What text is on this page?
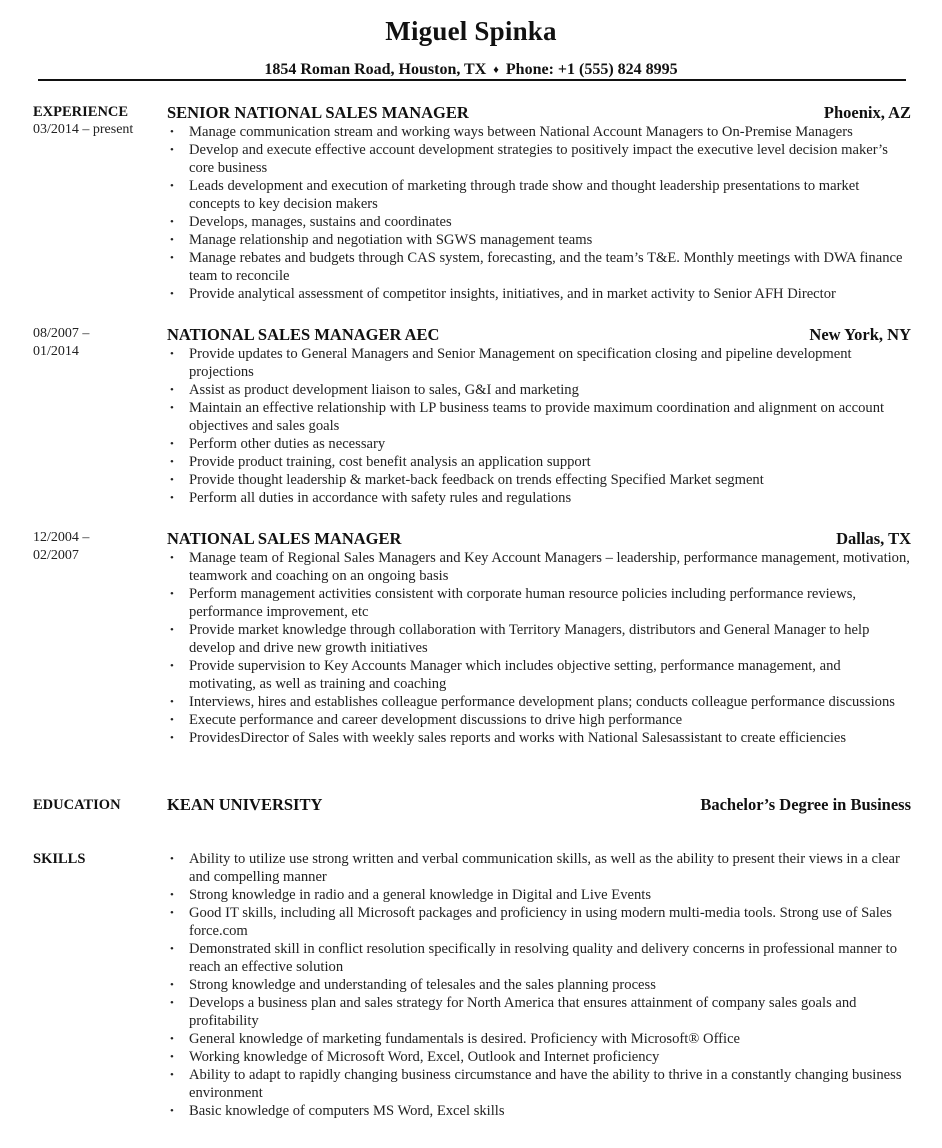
Miguel Spinka
1854 Roman Road, Houston, TX ♦ Phone: +1 (555) 824 8995
EXPERIENCE
03/2014 – present
SENIOR NATIONAL SALES MANAGER	Phoenix, AZ
• Manage communication stream and working ways between National Account Managers to On-Premise Managers
• Develop and execute effective account development strategies to positively impact the executive level decision maker’s core business
• Leads development and execution of marketing through trade show and thought leadership presentations to market concepts to key decision makers
• Develops, manages, sustains and coordinates
• Manage relationship and negotiation with SGWS management teams
• Manage rebates and budgets through CAS system, forecasting, and the team’s T&E. Monthly meetings with DWA finance team to reconcile
• Provide analytical assessment of competitor insights, initiatives, and in market activity to Senior AFH Director
08/2007 – 01/2014
NATIONAL SALES MANAGER AEC	New York, NY
• Provide updates to General Managers and Senior Management on specification closing and pipeline development projections
• Assist as product development liaison to sales, G&I and marketing
• Maintain an effective relationship with LP business teams to provide maximum coordination and alignment on account objectives and sales goals
• Perform other duties as necessary
• Provide product training, cost benefit analysis an application support
• Provide thought leadership & market-back feedback on trends effecting Specified Market segment
• Perform all duties in accordance with safety rules and regulations
12/2004 – 02/2007
NATIONAL SALES MANAGER	Dallas, TX
• Manage team of Regional Sales Managers and Key Account Managers – leadership, performance management, motivation, teamwork and coaching on an ongoing basis
• Perform management activities consistent with corporate human resource policies including performance reviews, performance improvement, etc
• Provide market knowledge through collaboration with Territory Managers, distributors and General Manager to help develop and drive new growth initiatives
• Provide supervision to Key Accounts Manager which includes objective setting, performance management, and motivating, as well as training and coaching
• Interviews, hires and establishes colleague performance development plans; conducts colleague performance discussions
• Execute performance and career development discussions to drive high performance
• ProvidesDirector of Sales with weekly sales reports and works with National Salesassistant to create efficiencies
EDUCATION	KEAN UNIVERSITY	Bachelor’s Degree in Business
SKILLS	• Ability to utilize use strong written and verbal communication skills, as well as the ability to present their views in a clear and compelling manner
• Strong knowledge in radio and a general knowledge in Digital and Live Events
• Good IT skills, including all Microsoft packages and proficiency in using modern multi-media tools. Strong use of Sales force.com
• Demonstrated skill in conflict resolution specifically in resolving quality and delivery concerns in professional manner to reach an effective solution
• Strong knowledge and understanding of telesales and the sales planning process
• Develops a business plan and sales strategy for North America that ensures attainment of company sales goals and profitability
• General knowledge of marketing fundamentals is desired. Proficiency with Microsoft® Office
• Working knowledge of Microsoft Word, Excel, Outlook and Internet proficiency
• Ability to adapt to rapidly changing business circumstance and have the ability to thrive in a constantly changing business environment
• Basic knowledge of computers MS Word, Excel skills
